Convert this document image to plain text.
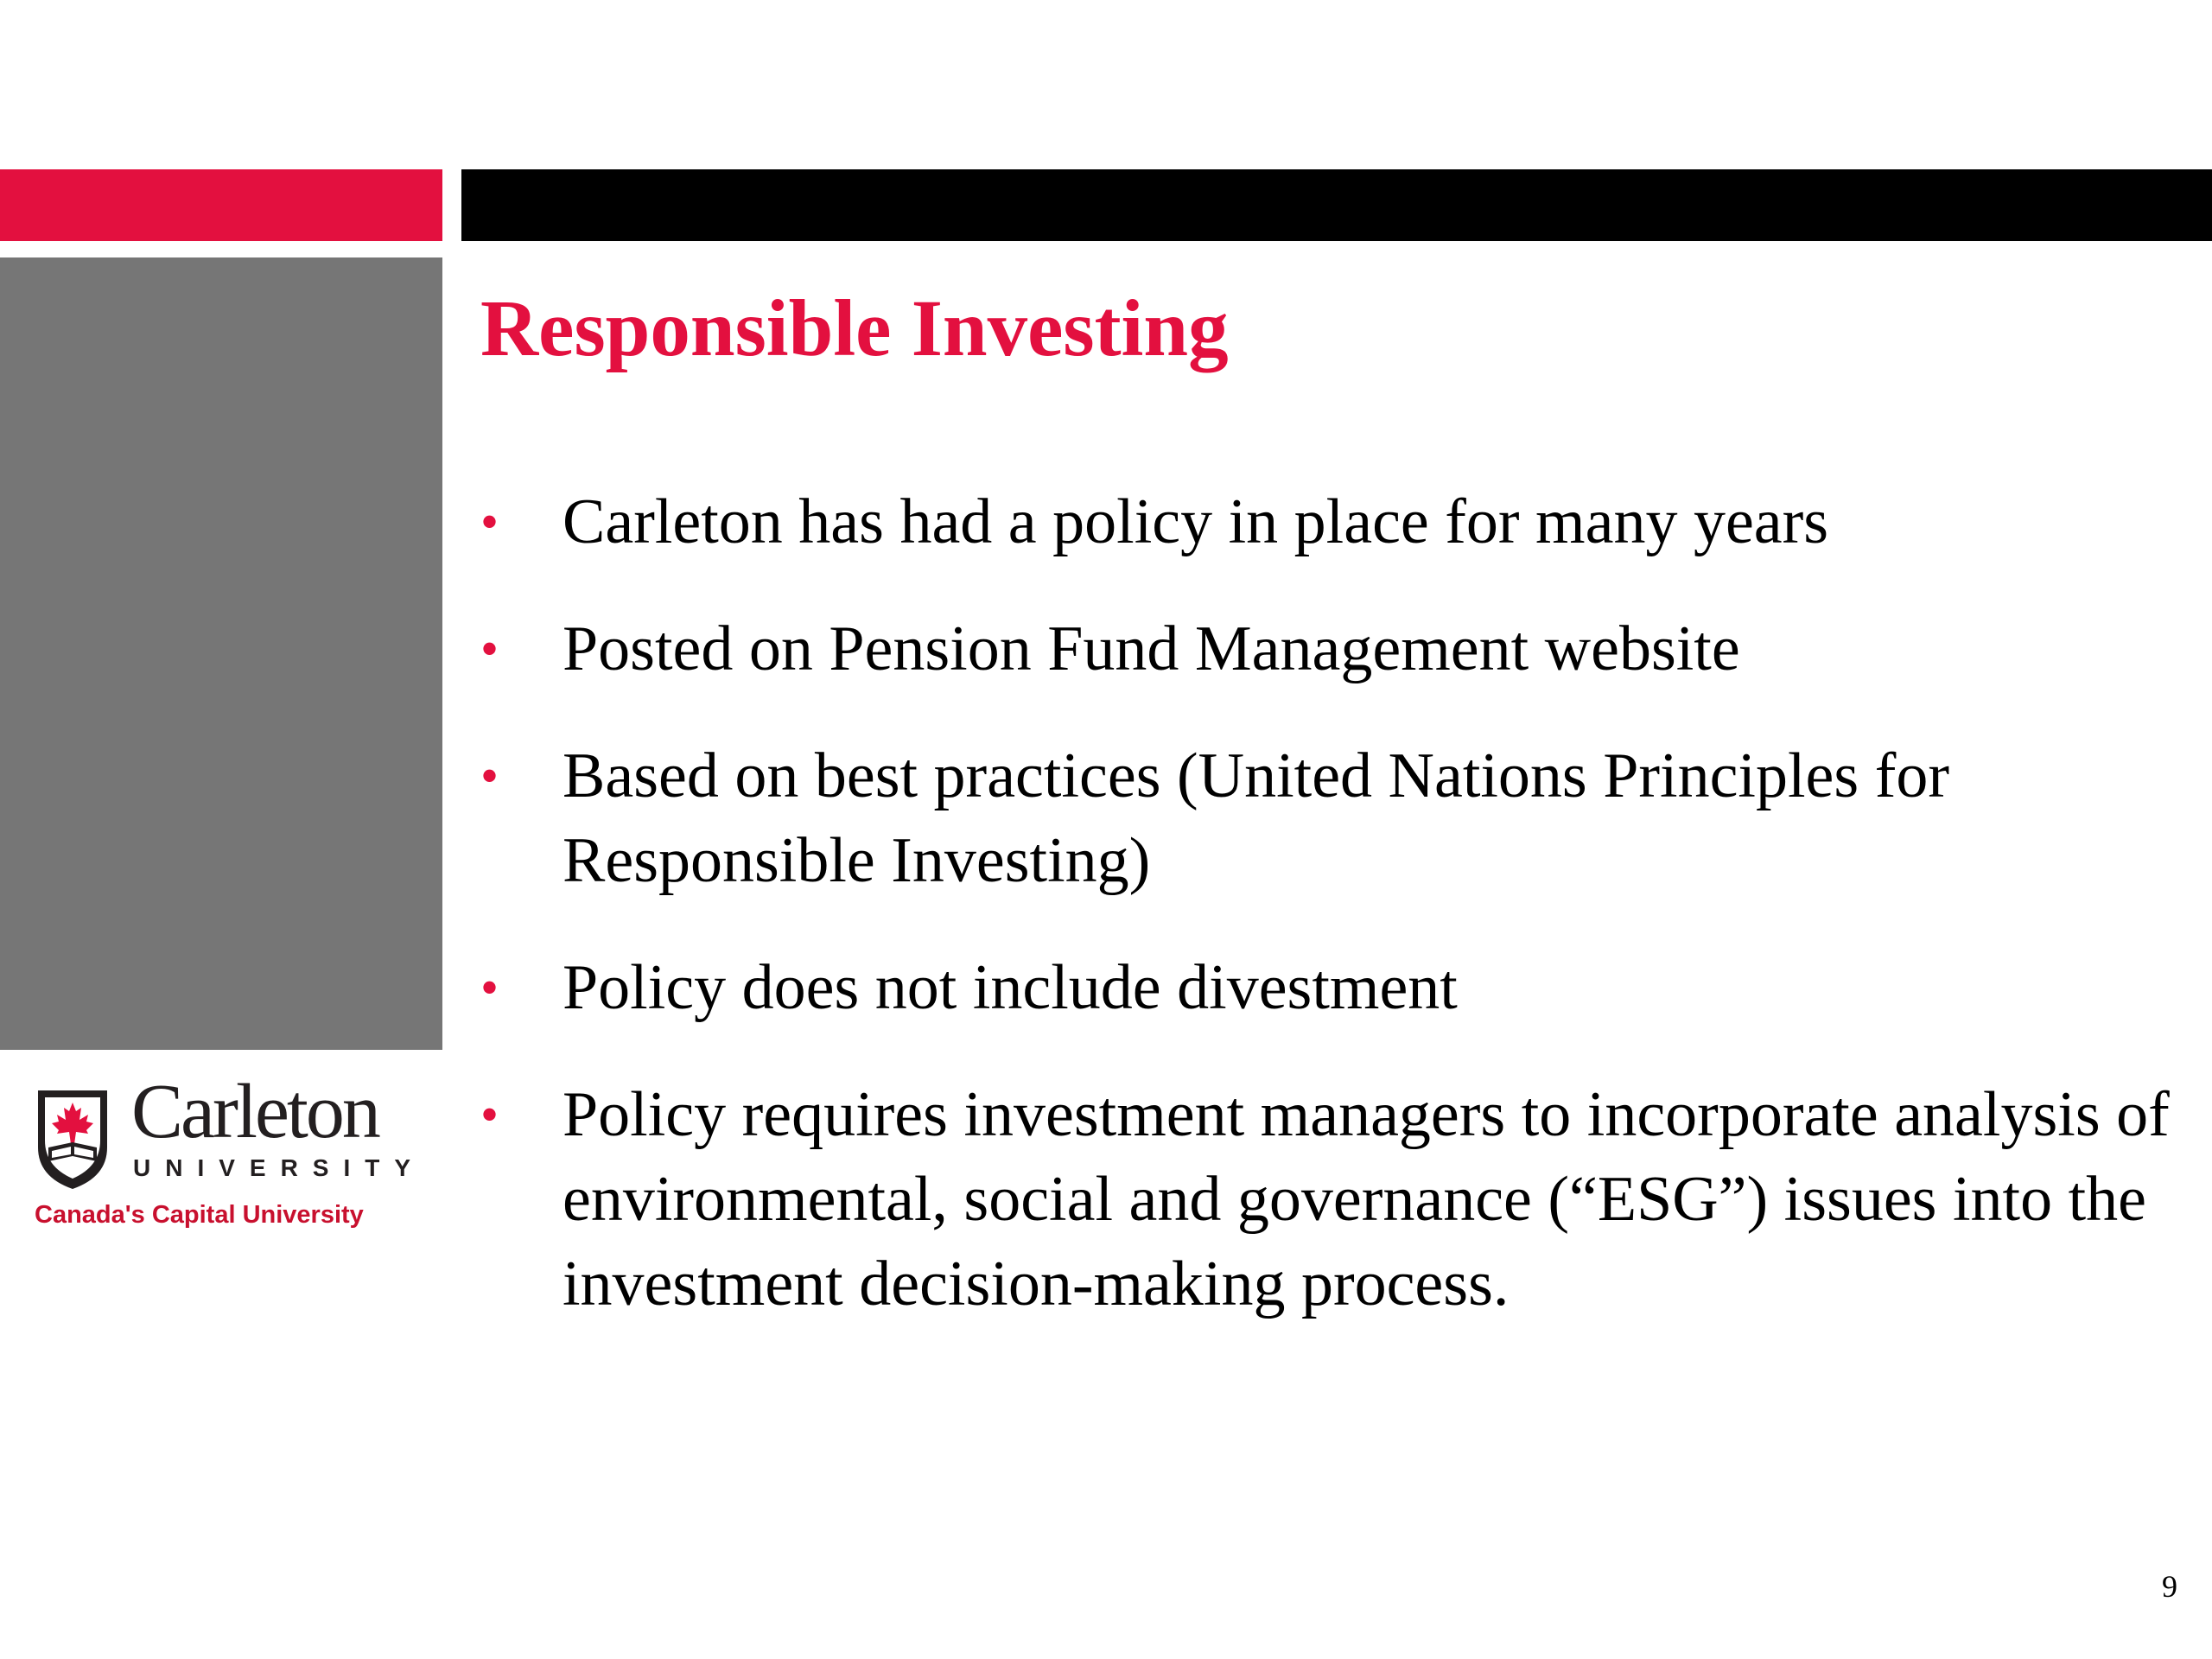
Responsible Investing
• Carleton has had a policy in place for many years
• Posted on Pension Fund Management website
• Based on best practices (United Nations Principles for Responsible Investing)
• Policy does not include divestment
• Policy requires investment managers to incorporate analysis of environmental, social and governance (“ESG”) issues into the investment decision-making process.
Carleton
UNIVERSITY
Canada's Capital University
9
